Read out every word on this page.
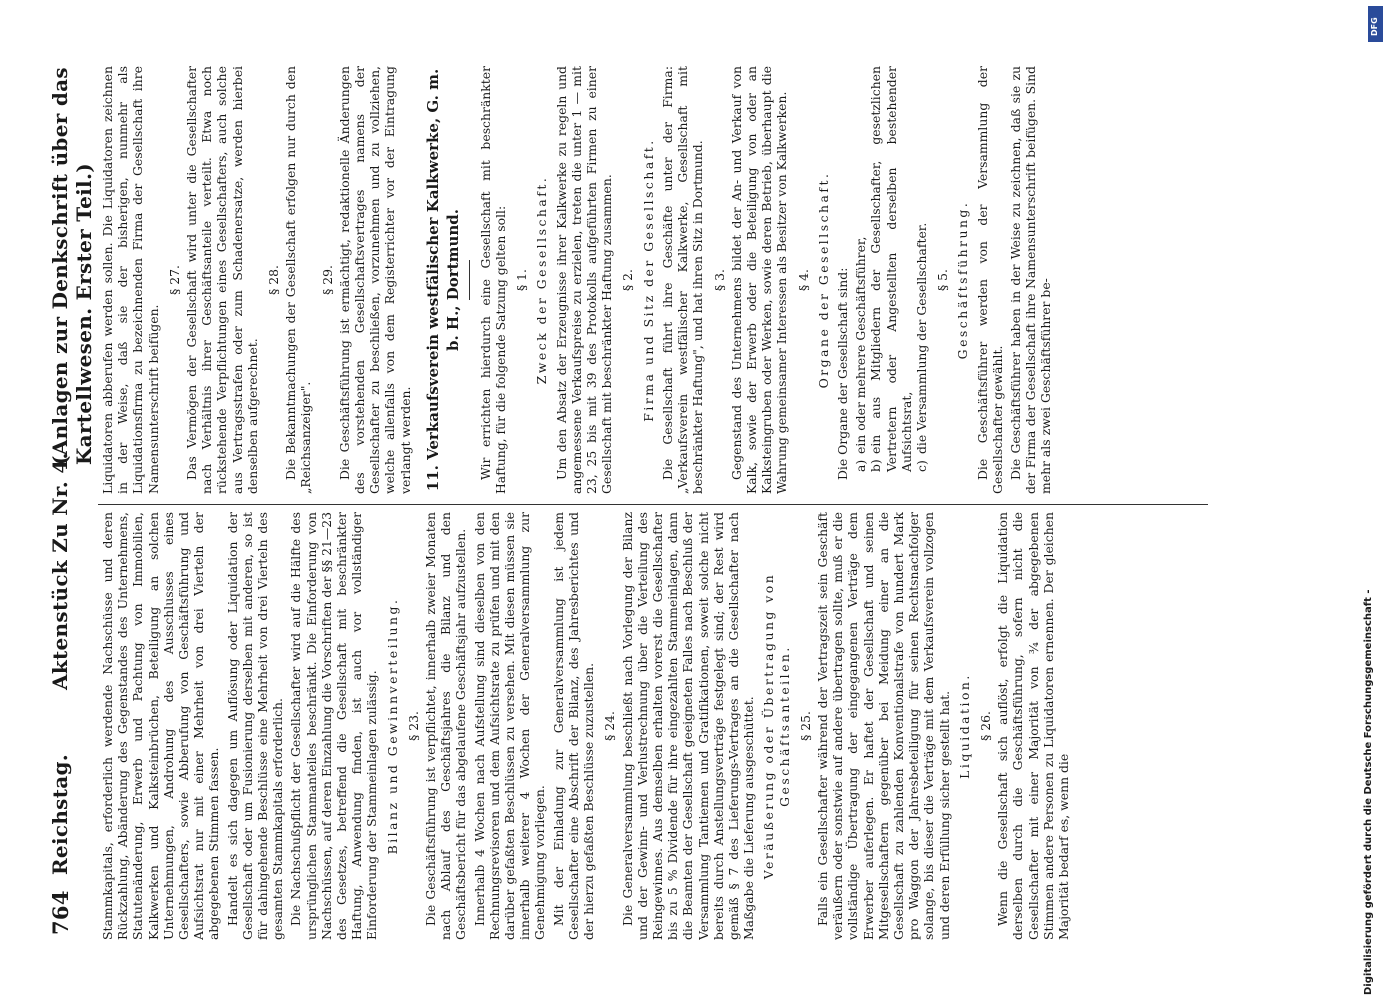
764
Reichstag.
Aktenstück Zu Nr. 4.
(Anlagen zur Denkschrift über das Kartellwesen. Erster Teil.)

Stammkapitals, erforderlich werdende Nachschüsse und deren Rückzahlung, Abänderung des Gegenstandes des Unternehmens, Statutenänderung, Erwerb und Pachtung von Immobilien, Kalkwerken und Kalksteinbrüchen, Beteiligung an solchen Unternehmungen, Androhung des Ausschlusses eines Gesellschafters, sowie Abberufung von Geschäftsführung und Aufsichtsrat nur mit einer Mehrheit von drei Vierteln der abgegebenen Stimmen fassen. Handelt es sich dagegen um Auflösung oder Liquidation der Gesellschaft oder um Fusionierung derselben mit anderen, so ist für dahingehende Beschlüsse eine Mehrheit von drei Vierteln des gesamten Stammkapitals erforderlich. Die Nachschußpflicht der Gesellschafter wird auf die Hälfte des ursprünglichen Stammanteiles beschränkt. Die Einforderung von Nachschüssen, auf deren Einzahlung die Vorschriften der §§ 21—23 des Gesetzes, betreffend die Gesellschaft mit beschränkter Haftung, Anwendung finden, ist auch vor vollständiger Einforderung der Stammeinlagen zulässig. Bilanz und Gewinnverteilung. § 23. Die Geschäftsführung ist verpflichtet, innerhalb zweier Monaten nach Ablauf des Geschäftsjahres die Bilanz und den Geschäftsbericht für das abgelaufene Geschäftsjahr aufzustellen. Innerhalb 4 Wochen nach Aufstellung sind dieselben von den Rechnungsrevisoren und dem Aufsichtsrate zu prüfen und mit den darüber gefaßten Beschlüssen zu versehen. Mit diesen müssen sie innerhalb weiterer 4 Wochen der Generalversammlung zur Genehmigung vorliegen. Mit der Einladung zur Generalversammlung ist jedem Gesellschafter eine Abschrift der Bilanz, des Jahresberichtes und der hierzu gefaßten Beschlüsse zuzustellen. § 24. Die Generalversammlung beschließt nach Vorlegung der Bilanz und der Gewinn- und Verlustrechnung über die Verteilung des Reingewinnes. Aus demselben erhalten vorerst die Gesellschafter bis zu 5 % Dividende für ihre eingezahlten Stammeinlagen, dann die Beamten der Gesellschaft geeigneten Falles nach Beschluß der Versammlung Tantiemen und Gratifikationen, soweit solche nicht bereits durch Anstellungsverträge festgelegt sind; der Rest wird gemäß § 7 des Lieferungs-Vertrages an die Gesellschafter nach Maßgabe die Lieferung ausgeschüttet. Veräußerung oder Übertragung von Geschäftsanteilen. § 25. Falls ein Gesellschafter während der Vertragszeit sein Geschäft veräußern oder sonstwie auf andere übertragen sollte, muß er die vollständige Übertragung der eingegangenen Verträge dem Erwerber auferlegen. Er haftet der Gesellschaft und seinen Mitgesellschaftern gegenüber bei Meidung einer an die Gesellschaft zu zahlenden Konventionalstrafe von hundert Mark pro Waggon der Jahresbeteiligung für seinen Rechtsnachfolger solange, bis dieser die Verträge mit dem Verkaufsverein vollzogen und deren Erfüllung sicher gestellt hat. Liquidation. § 26. Wenn die Gesellschaft sich auflöst, erfolgt die Liquidation derselben durch die Geschäftsführung, sofern nicht die Gesellschafter mit einer Majorität von ¾ der abgegebenen Stimmen andere Personen zu Liquidatoren ernennen. Der gleichen Majorität bedarf es, wenn die

Liquidatoren abberufen werden sollen. Die Liquidatoren zeichnen in der Weise, daß sie der bisherigen, nunmehr als Liquidationsfirma zu bezeichnenden Firma der Gesellschaft ihre Namensunterschrift beifügen.

§ 27. Das Vermögen der Gesellschaft wird unter die Gesellschafter nach Verhältnis ihrer Geschäftsanteile verteilt. Etwa noch rückstehende Verpflichtungen eines Gesellschafters, auch solche aus Vertragsstrafen oder zum Schadenersatze, werden hierbei denselben aufgerechnet.

§ 28. Die Bekanntmachungen der Gesellschaft erfolgen nur durch den „Reichsanzeiger".

§ 29. Die Geschäftsführung ist ermächtigt, redaktionelle Änderungen des vorstehenden Gesellschaftsvertrages namens der Gesellschafter zu beschließen, vorzunehmen und zu vollziehen, welche allenfalls von dem Registerrichter vor der Eintragung verlangt werden. 11. Verkaufsverein westfälischer Kalkwerke, G. m. b. H., Dortmund. Wir errichten hierdurch eine Gesellschaft mit beschränkter Haftung, für die folgende Satzung gelten soll: § 1. Zweck der Gesellschaft. Um den Absatz der Erzeugnisse ihrer Kalkwerke zu regeln und angemessene Verkaufspreise zu erzielen, treten die unter 1 — mit 23, 25 bis mit 39 des Protokolls aufgeführten Firmen zu einer Gesellschaft mit beschränkter Haftung zusammen. § 2. Firma und Sitz der Gesellschaft. Die Gesellschaft führt ihre Geschäfte unter der Firma: „Verkaufsverein westfälischer Kalkwerke, Gesellschaft mit beschränkter Haftung", und hat ihren Sitz in Dortmund. § 3. Gegenstand des Unternehmens bildet der An- und Verkauf von Kalk, sowie der Erwerb oder die Beteiligung von oder an Kalksteingruben oder Werken, sowie deren Betrieb, überhaupt die Wahrung gemeinsamer Interessen als Besitzer von Kalkwerken. § 4. Organe der Gesellschaft. Die Organe der Gesellschaft sind: a)ein oder mehrere Geschäftsführer,
b)ein aus Mitgliedern der Gesellschafter, gesetzlichen Vertretern oder Angestellten derselben bestehender Aufsichtsrat, c)die Versammlung der Gesellschafter. § 5. Geschäftsführung. Die Geschäftsführer werden von der Versammlung der Gesellschafter gewählt. Die Geschäftsführer haben in der Weise zu zeichnen, daß sie zu der Firma der Gesellschaft ihre Namensunterschrift beifügen. Sind mehr als zwei Geschäftsführer be-

Digitalisierung gefördert durch die Deutsche Forschungsgemeinschaft -
DFG
